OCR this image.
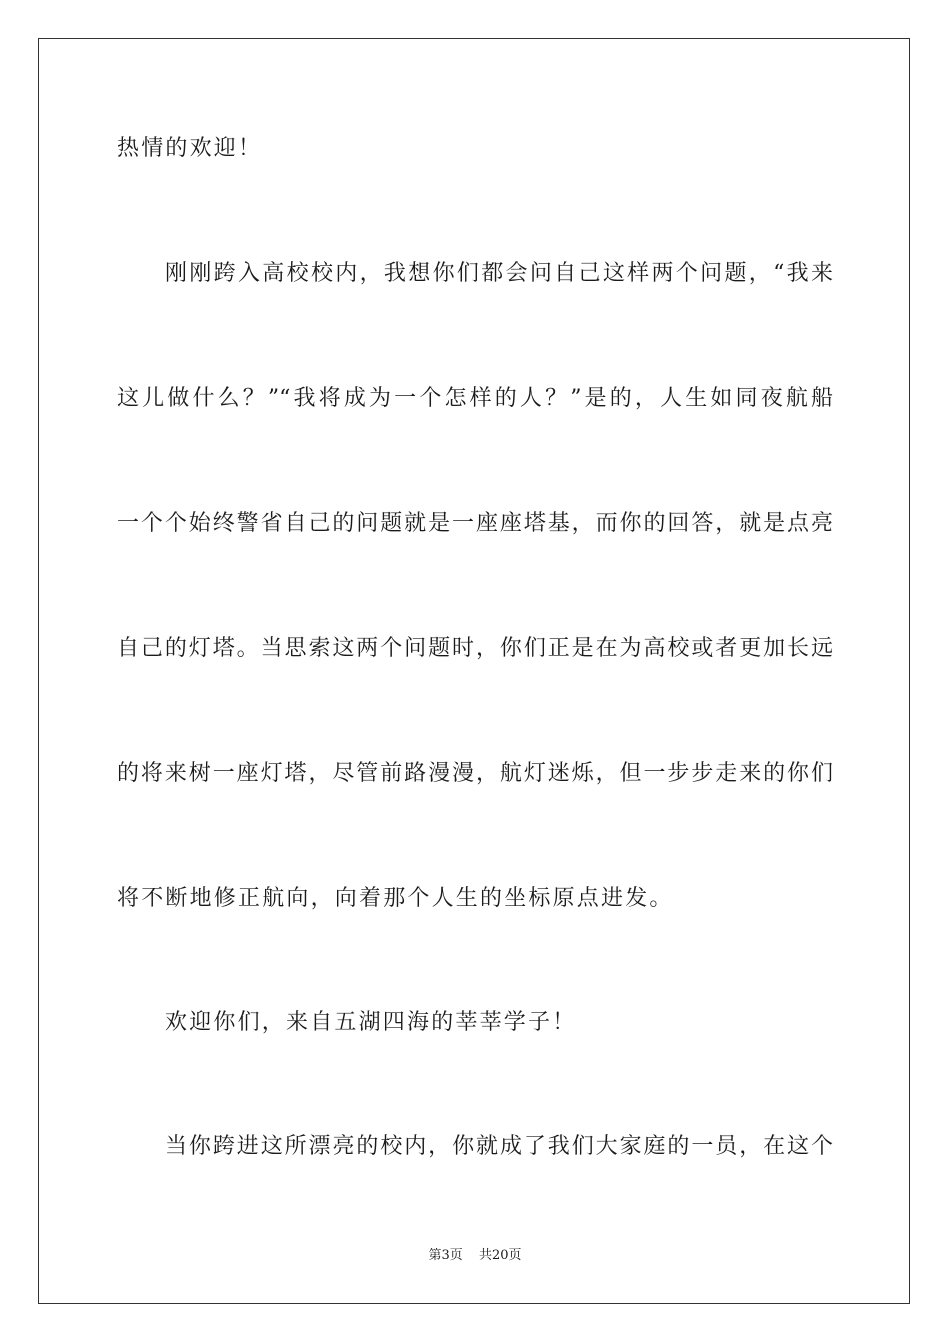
热情的欢迎！
刚刚跨入高校校内，我想你们都会问自己这样两个问题，“我来
这儿做什么？”“我将成为一个怎样的人？”是的，人生如同夜航船
一个个始终警省自己的问题就是一座座塔基，而你的回答，就是点亮
自己的灯塔。当思索这两个问题时，你们正是在为高校或者更加长远
的将来树一座灯塔，尽管前路漫漫，航灯迷烁，但一步步走来的你们
将不断地修正航向，向着那个人生的坐标原点进发。
欢迎你们，来自五湖四海的莘莘学子！
当你跨进这所漂亮的校内，你就成了我们大家庭的一员，在这个
第3页 共20页
